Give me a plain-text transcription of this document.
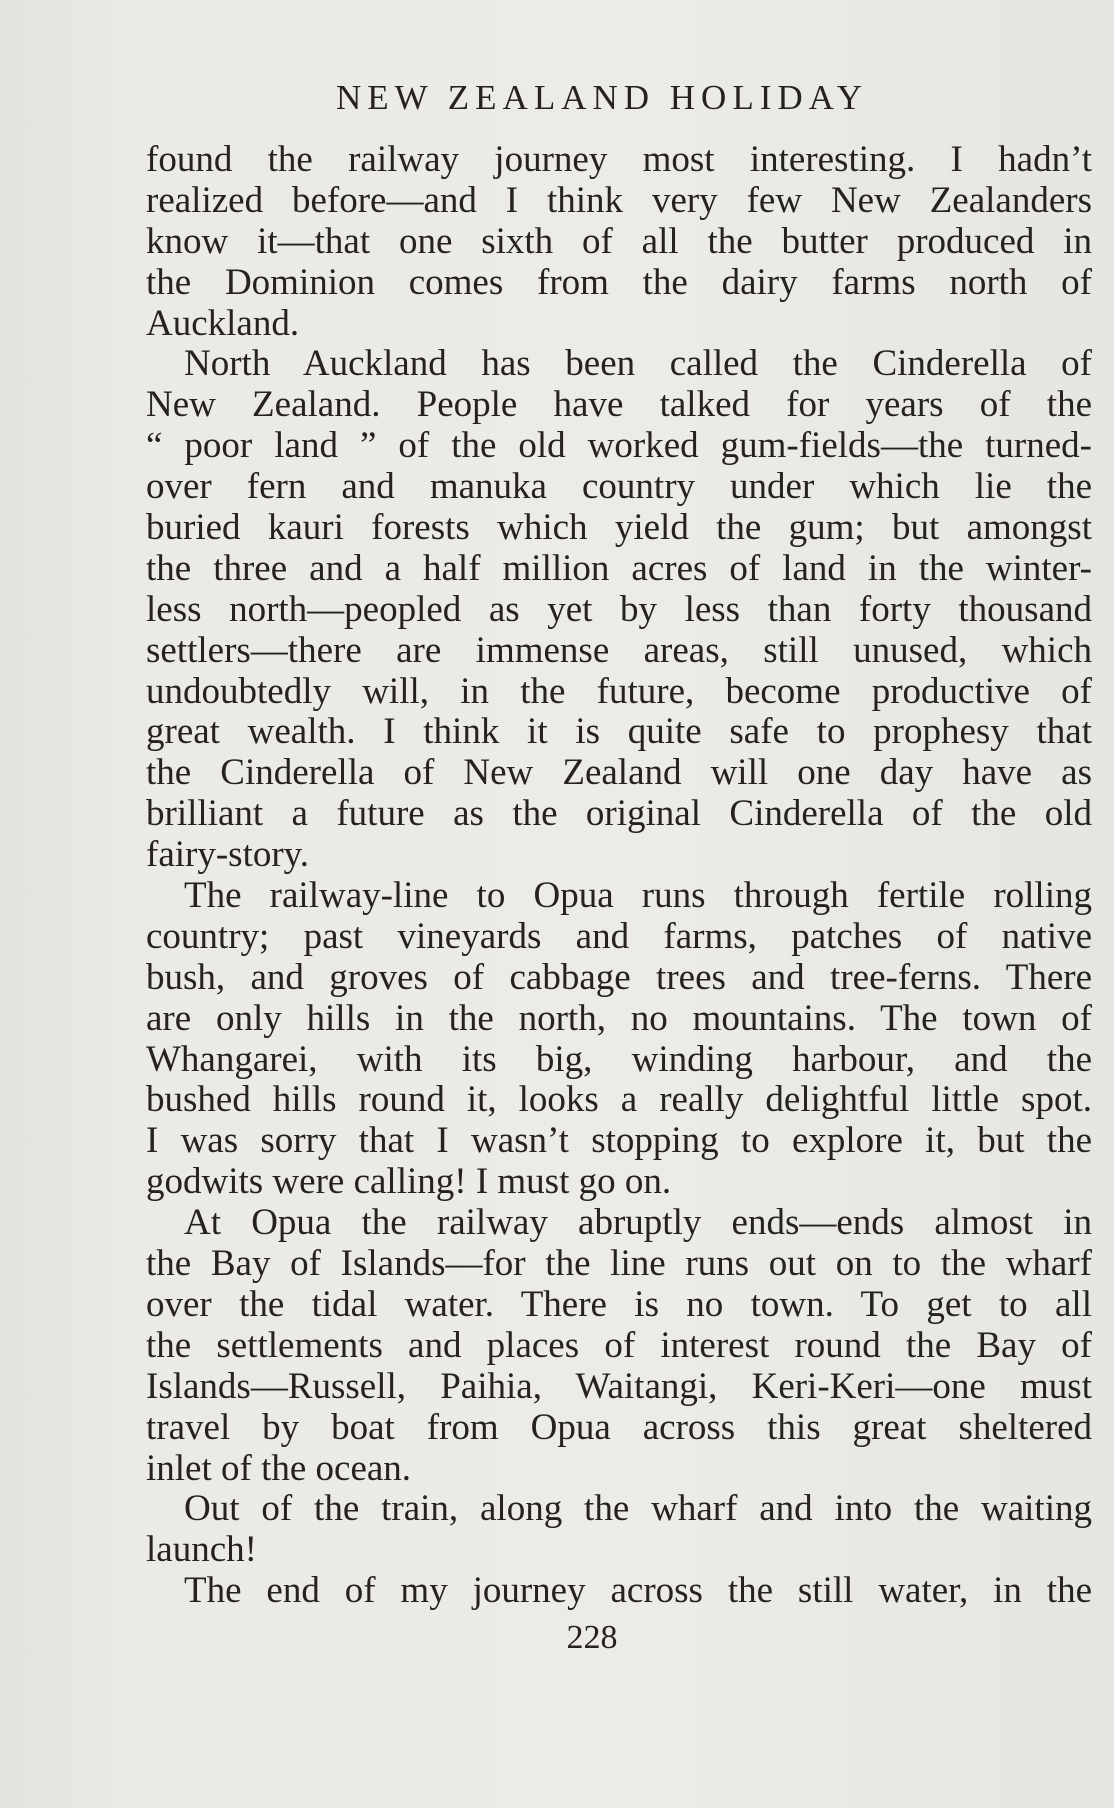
NEW ZEALAND HOLIDAY
found the railway journey most interesting. I hadn’t
realized before—and I think very few New Zealanders
know it—that one sixth of all the butter produced in
the Dominion comes from the dairy farms north of
Auckland.
North Auckland has been called the Cinderella of
New Zealand. People have talked for years of the
“ poor land ” of the old worked gum-fields—the turned-
over fern and manuka country under which lie the
buried kauri forests which yield the gum; but amongst
the three and a half million acres of land in the winter-
less north—peopled as yet by less than forty thousand
settlers—there are immense areas, still unused, which
undoubtedly will, in the future, become productive of
great wealth. I think it is quite safe to prophesy that
the Cinderella of New Zealand will one day have as
brilliant a future as the original Cinderella of the old
fairy-story.
The railway-line to Opua runs through fertile rolling
country; past vineyards and farms, patches of native
bush, and groves of cabbage trees and tree-ferns. There
are only hills in the north, no mountains. The town of
Whangarei, with its big, winding harbour, and the
bushed hills round it, looks a really delightful little spot.
I was sorry that I wasn’t stopping to explore it, but the
godwits were calling! I must go on.
At Opua the railway abruptly ends—ends almost in
the Bay of Islands—for the line runs out on to the wharf
over the tidal water. There is no town. To get to all
the settlements and places of interest round the Bay of
Islands—Russell, Paihia, Waitangi, Keri-Keri—one must
travel by boat from Opua across this great sheltered
inlet of the ocean.
Out of the train, along the wharf and into the waiting
launch!
The end of my journey across the still water, in the
228
